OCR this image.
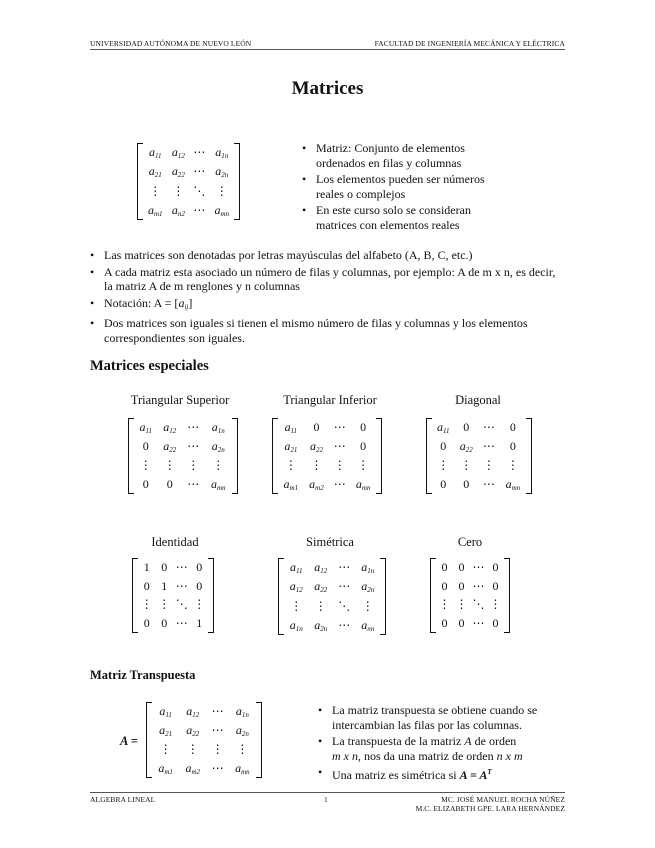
UNIVERSIDAD AUTÓNOMA DE NUEVO LEÓN	FACULTAD DE INGENIERÍA MECÁNICA Y ELÉCTRICA
Matrices
$a_{11}$	$a_{12}$	⋯	$a_{1n}$
$a_{21}$	$a_{22}$	⋯	$a_{2n}$
⋮	⋮	⋱	⋮
$a_{m1}$	$a_{n2}$	⋯	$a_{mn}$
• Matriz: Conjunto de elementos ordenados en filas y columnas
• Los elementos pueden ser números reales o complejos
• En este curso solo se consideran matrices con elementos reales
• Las matrices son denotadas por letras mayúsculas del alfabeto (A, B, C, etc.)
• A cada matriz esta asociado un número de filas y columnas, por ejemplo: A de m x n, es decir, la matriz A de m renglones y n columnas
• Notación: $A = [a_{ij}]$
• Dos matrices son iguales si tienen el mismo número de filas y columnas y los elementos correspondientes son iguales.
Matrices especiales
Triangular Superior	Triangular Inferior	Diagonal
$a_{11}$	$a_{12}$	⋯	$a_{1n}$
0	$a_{22}$	⋯	$a_{2n}$
⋮	⋮	⋮	⋮
0	0	⋯	$a_{mn}$
$a_{11}$	0	⋯	0
$a_{21}$	$a_{22}$	⋯	0
⋮	⋮	⋮	⋮
$a_{m1}$	$a_{m2}$	⋯	$a_{mn}$
$a_{11}$	0	⋯	0
0	$a_{22}$	⋯	0
⋮	⋮	⋮	⋮
0	0	⋯	$a_{mn}$
Identidad	Simétrica	Cero
1	0	⋯	0
0	1	⋯	0
⋮	⋮	⋱	⋮
0	0	⋯	1
$a_{11}$	$a_{12}$	⋯	$a_{1n}$
$a_{12}$	$a_{22}$	⋯	$a_{2n}$
⋮	⋮	⋱	⋮
$a_{1n}$	$a_{2n}$	⋯	$a_{nn}$
0	0	⋯	0
0	0	⋯	0
⋮	⋮	⋱	⋮
0	0	⋯	0
Matriz Transpuesta
A =
$a_{11}$	$a_{12}$	⋯	$a_{1n}$
$a_{21}$	$a_{22}$	⋯	$a_{2n}$
⋮	⋮	⋮	⋮
$a_{m1}$	$a_{m2}$	⋯	$a_{mn}$
• La matriz transpuesta se obtiene cuando se intercambian las filas por las columnas.
• La transpuesta de la matriz A de orden
m x n, nos da una matriz de orden n x m
• Una matriz es simétrica si $A = A^T$
ALGEBRA LINEAL	1	MC. JOSÉ MANUEL ROCHA NÚÑEZ
M.C. ELIZABETH GPE. LARA HERNÁNDEZ
